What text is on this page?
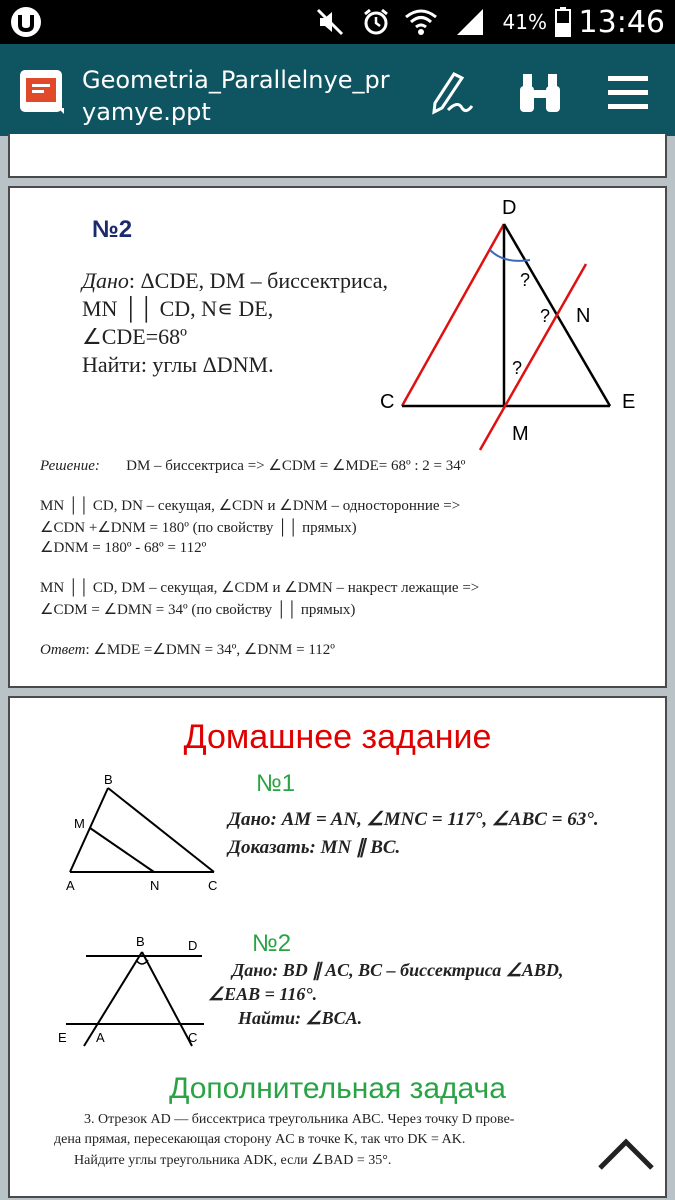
41% 13:46
Geometria_Parallelnye_pr
yamye.ppt
№2
Дано: ΔCDE, DM – биссектриса,
MN ││ CD, N∊ DE,
∠CDE=68º
Найти: углы ΔDNM.
D
C	E
M
N
?
?
?
Решение: DM – биссектриса => ∠CDM = ∠MDE= 68º : 2 = 34º
MN ││ CD, DN – секущая, ∠CDN и ∠DNM – односторонние =>
∠CDN +∠DNM = 180º (по свойству ││ прямых)
∠DNM = 180º - 68º = 112º
MN ││ CD, DM – секущая, ∠CDM и ∠DMN – накрест лежащие =>
∠CDM = ∠DMN = 34º (по свойству ││ прямых)
Ответ: ∠MDE =∠DMN = 34º, ∠DNM = 112º
Домашнее задание
B
M
A	N	C
№1
Дано: AM = AN, ∠MNC = 117°, ∠ABC = 63°.
Доказать: MN ∥ BC.
B	D
E A	C
№2
Дано: BD ∥ AC, BC – биссектриса ∠ABD,
∠EAB = 116°.
Найти: ∠BCA.
Дополнительная задача
3. Отрезок AD — биссектриса треугольника ABC. Через точку D прове-
дена прямая, пересекающая сторону AC в точке K, так что DK = AK.
Найдите углы треугольника ADK, если ∠BAD = 35°.
